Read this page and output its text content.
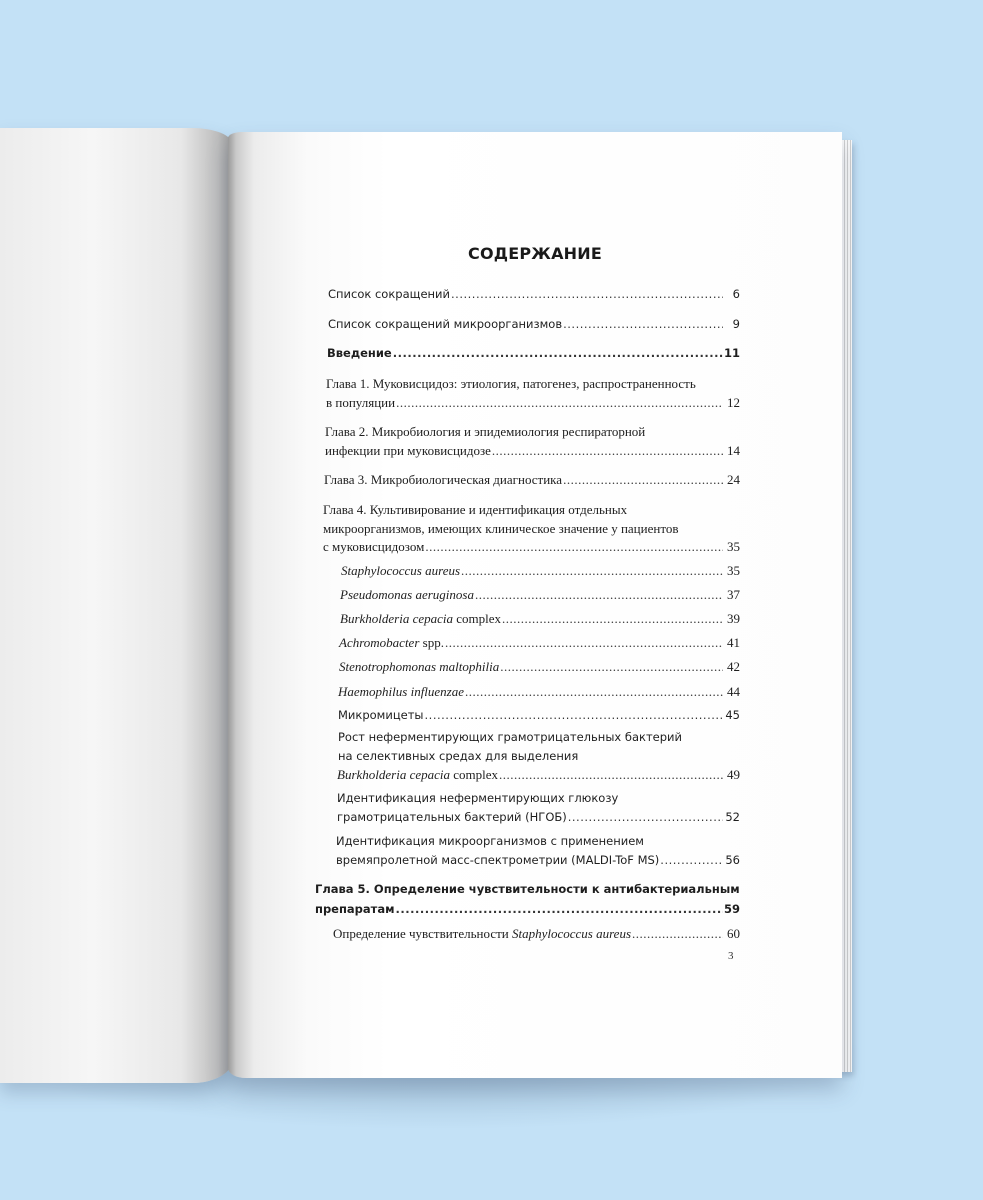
СОДЕРЖАНИЕ
Список сокращений .....	6
Список сокращений микроорганизмов .....	9
Введение .....	11
Глава 1. Муковисцидоз: этиология, патогенез, распространенность
в популяции .....	12
Глава 2. Микробиология и эпидемиология респираторной
инфекции при муковисцидозе .....	14
Глава 3. Микробиологическая диагностика .....	24
Глава 4. Культивирование и идентификация отдельных
микроорганизмов, имеющих клиническое значение у пациентов
с муковисцидозом .....	35
Staphylococcus aureus .....	35
Pseudomonas aeruginosa .....	37
Burkholderia cepacia complex .....	39
Achromobacter spp. .....	41
Stenotrophomonas maltophilia .....	42
Haemophilus influenzae .....	44
Микромицеты .....	45
Рост неферментирующих грамотрицательных бактерий
на селективных средах для выделения
Burkholderia cepacia complex .....	49
Идентификация неферментирующих глюкозу
грамотрицательных бактерий (НГОБ) .....	52
Идентификация микроорганизмов с применением
времяпролетной масс-спектрометрии (MALDI-ToF MS) .....	56
Глава 5. Определение чувствительности к антибактериальным
препаратам .....	59
Определение чувствительности Staphylococcus aureus .....	60
3
